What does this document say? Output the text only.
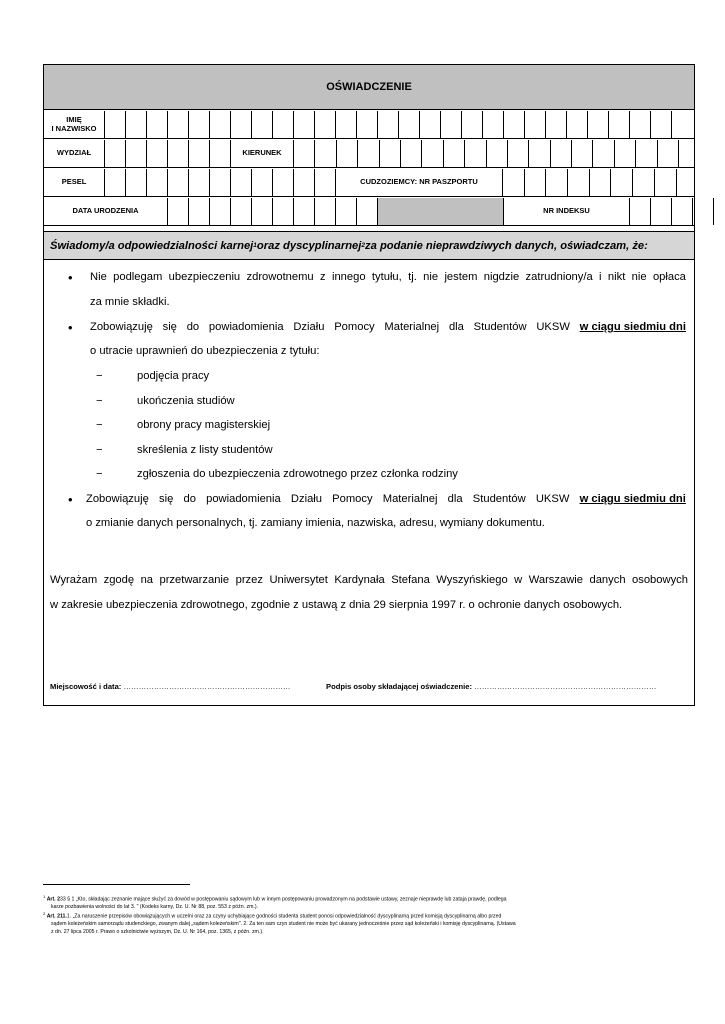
OŚWIADCZENIE
IMIĘ
I NAZWISKO
WYDZIAŁ	KIERUNEK
PESEL	CUDZOZIEMCY: NR PASZPORTU
DATA URODZENIA	NR INDEKSU
Świadomy/a odpowiedzialności karnej 1 oraz dyscyplinarnej 2 za podanie nieprawdziwych danych, oświadczam, że:
• Nie podlegam ubezpieczeniu zdrowotnemu z innego tytułu, tj. nie jestem nigdzie zatrudniony/a i nikt nie opłaca
za mnie składki.
• Zobowiązuję się do powiadomienia Działu Pomocy Materialnej dla Studentów UKSW w ciągu siedmiu dni
o utracie uprawnień do ubezpieczenia z tytułu:
−	podjęcia pracy
−	ukończenia studiów
−	obrony pracy magisterskiej
−	skreślenia z listy studentów
−	zgłoszenia do ubezpieczenia zdrowotnego przez członka rodziny
• Zobowiązuję się do powiadomienia Działu Pomocy Materialnej dla Studentów UKSW w ciągu siedmiu dni
o zmianie danych personalnych, tj. zamiany imienia, nazwiska, adresu, wymiany dokumentu.
Wyrażam zgodę na przetwarzanie przez Uniwersytet Kardynała Stefana Wyszyńskiego w Warszawie danych osobowych
w zakresie ubezpieczenia zdrowotnego, zgodnie z ustawą z dnia 29 sierpnia 1997 r. o ochronie danych osobowych.
Miejscowość i data: …………………………………………………………	Podpis osoby składającej oświadczenie: ………………………………………………………………
$^1$ Art. 233 § 1 „Kto, składając zeznanie mające służyć za dowód w postępowaniu sądowym lub w innym postępowaniu prowadzonym na podstawie ustawy, zeznaje nieprawdę lub zataja prawdę, podlega
karze pozbawienia wolności do lat 3. " (Kodeks karny, Dz. U. Nr 88, poz. 553 z późn. zm.).
$^2$ Art. 211.1. „Za naruszenie przepisów obowiązujących w uczelni oraz za czyny uchybiające godności studenta student ponosi odpowiedzialność dyscyplinarną przed komisją dyscyplinarną albo przed
sądem koleżeńskim samorządu studenckiego, zwanym dalej „sądem koleżeńskim". 2. Za ten sam czyn student nie może być ukarany jednocześnie przez sąd koleżeński i komisję dyscyplinarną. (Ustawa
z dn. 27 lipca 2005 r. Prawo o szkolnictwie wyższym, Dz. U. Nr 164, poz. 1365, z późn. zm.).
